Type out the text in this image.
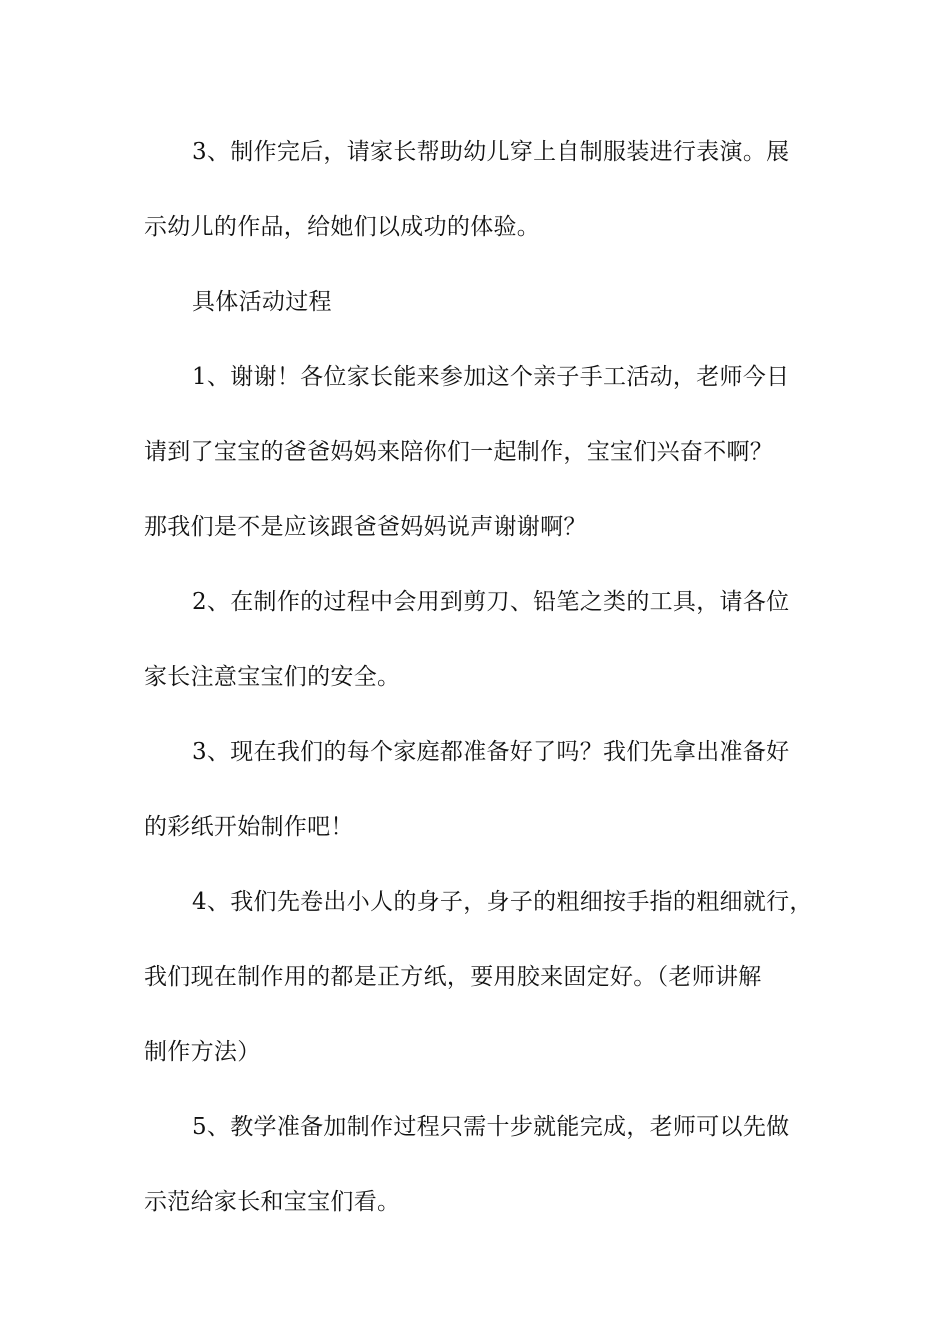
3、制作完后，请家长帮助幼儿穿上自制服装进行表演。展
示幼儿的作品，给她们以成功的体验。
具体活动过程
1、谢谢！各位家长能来参加这个亲子手工活动，老师今日
请到了宝宝的爸爸妈妈来陪你们一起制作，宝宝们兴奋不啊？
那我们是不是应该跟爸爸妈妈说声谢谢啊？
2、在制作的过程中会用到剪刀、铅笔之类的工具，请各位
家长注意宝宝们的安全。
3、现在我们的每个家庭都准备好了吗？我们先拿出准备好
的彩纸开始制作吧！
4、我们先卷出小人的身子，身子的粗细按手指的粗细就行，
我们现在制作用的都是正方纸，要用胶来固定好。（老师讲解
制作方法）
5、教学准备加制作过程只需十步就能完成，老师可以先做
示范给家长和宝宝们看。
